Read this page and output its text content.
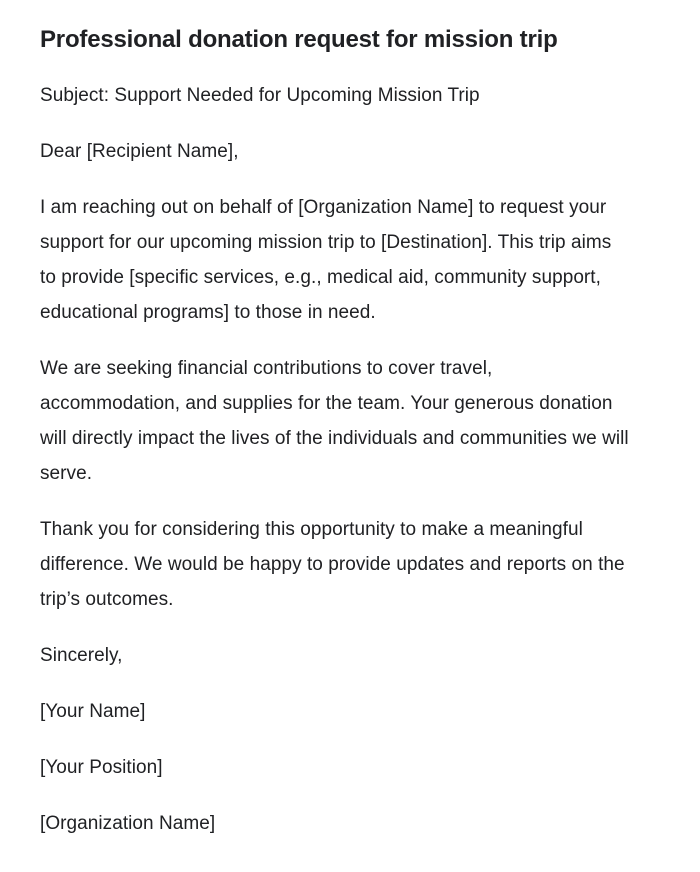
Professional donation request for mission trip

Subject: Support Needed for Upcoming Mission Trip

Dear [Recipient Name],

I am reaching out on behalf of [Organization Name] to request your support for our upcoming mission trip to [Destination]. This trip aims to provide [specific services, e.g., medical aid, community support, educational programs] to those in need.

We are seeking financial contributions to cover travel, accommodation, and supplies for the team. Your generous donation will directly impact the lives of the individuals and communities we will serve.

Thank you for considering this opportunity to make a meaningful difference. We would be happy to provide updates and reports on the trip’s outcomes.

Sincerely,

[Your Name]

[Your Position]

[Organization Name]
